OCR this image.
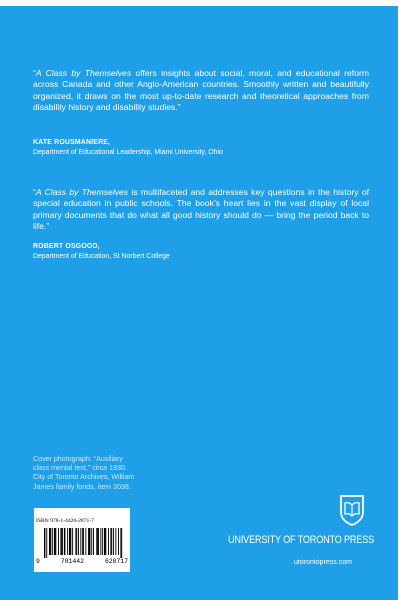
“A Class by Themselves offers insights about social, moral, and educational reform across Canada and other Anglo-American countries. Smoothly written and beautifully organized, it draws on the most up-to-date research and theoretical approaches from disability history and disability studies.”
KATE ROUSMANIERE,
Department of Educational Leadership, Miami University, Ohio
“A Class by Themselves is multifaceted and addresses key questions in the history of special education in public schools. The book’s heart lies in the vast display of local primary documents that do what all good history should do — bring the period back to life.”
ROBERT OSGOOD,
Department of Education, St Norbert College
Cover photograph: “Auxiliary
class mental test,” circa 1930.
City of Toronto Archives, William
James family fonds, item 3038.
ISBN 978-1-4426-2871-7
9	781442	628717
UNIVERSITY OF TORONTO PRESS
utorontopress.com
